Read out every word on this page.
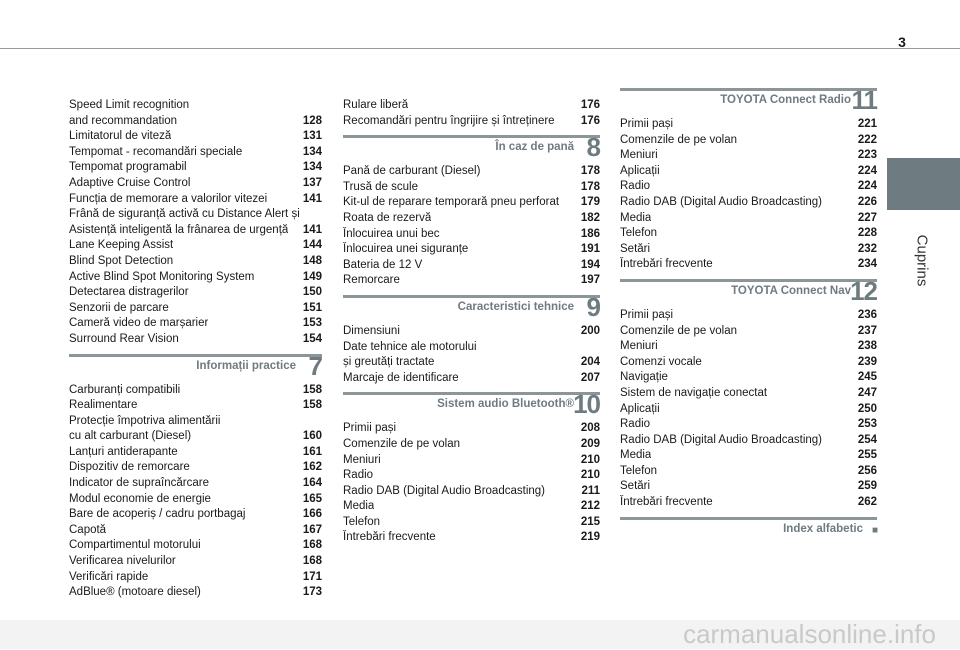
3
Cuprins
Speed Limit recognition
and recommandation	128
Limitatorul de viteză	131
Tempomat - recomandări speciale	134
Tempomat programabil	134
Adaptive Cruise Control	137
Funcția de memorare a valorilor vitezei	141
Frână de siguranță activă cu Distance Alert și
Asistență inteligentă la frânarea de urgență 141
Lane Keeping Assist	144
Blind Spot Detection	148
Active Blind Spot Monitoring System	149
Detectarea distragerilor	150
Senzorii de parcare	151
Cameră video de marșarier	153
Surround Rear Vision	154
Informații practice 7
Carburanți compatibili	158
Realimentare	158
Protecție împotriva alimentării
cu alt carburant (Diesel)	160
Lanțuri antiderapante	161
Dispozitiv de remorcare	162
Indicator de supraîncărcare	164
Modul economie de energie	165
Bare de acoperiș / cadru portbagaj	166
Capotă	167
Compartimentul motorului	168
Verificarea nivelurilor	168
Verificări rapide	171
AdBlue® (motoare diesel)	173
Rulare liberă	176
Recomandări pentru îngrijire și întreținere 176
În caz de pană 8
Pană de carburant (Diesel)	178
Trusă de scule	178
Kit-ul de reparare temporară pneu perforat 179
Roata de rezervă	182
Înlocuirea unui bec	186
Înlocuirea unei siguranțe	191
Bateria de 12 V	194
Remorcare	197
Caracteristici tehnice 9
Dimensiuni	200
Date tehnice ale motorului
și greutăți tractate	204
Marcaje de identificare	207
Sistem audio Bluetooth® 10
Primii pași	208
Comenzile de pe volan	209
Meniuri	210
Radio	210
Radio DAB (Digital Audio Broadcasting)	211
Media	212
Telefon	215
Întrebări frecvente	219
TOYOTA Connect Radio 11
Primii pași	221
Comenzile de pe volan	222
Meniuri	223
Aplicații	224
Radio	224
Radio DAB (Digital Audio Broadcasting)	226
Media	227
Telefon	228
Setări	232
Întrebări frecvente	234
TOYOTA Connect Nav 12
Primii pași	236
Comenzile de pe volan	237
Meniuri	238
Comenzi vocale	239
Navigație	245
Sistem de navigație conectat	247
Aplicații	250
Radio	253
Radio DAB (Digital Audio Broadcasting)	254
Media	255
Telefon	256
Setări	259
Întrebări frecvente	262
Index alfabetic ■
carmanualsonline.info
